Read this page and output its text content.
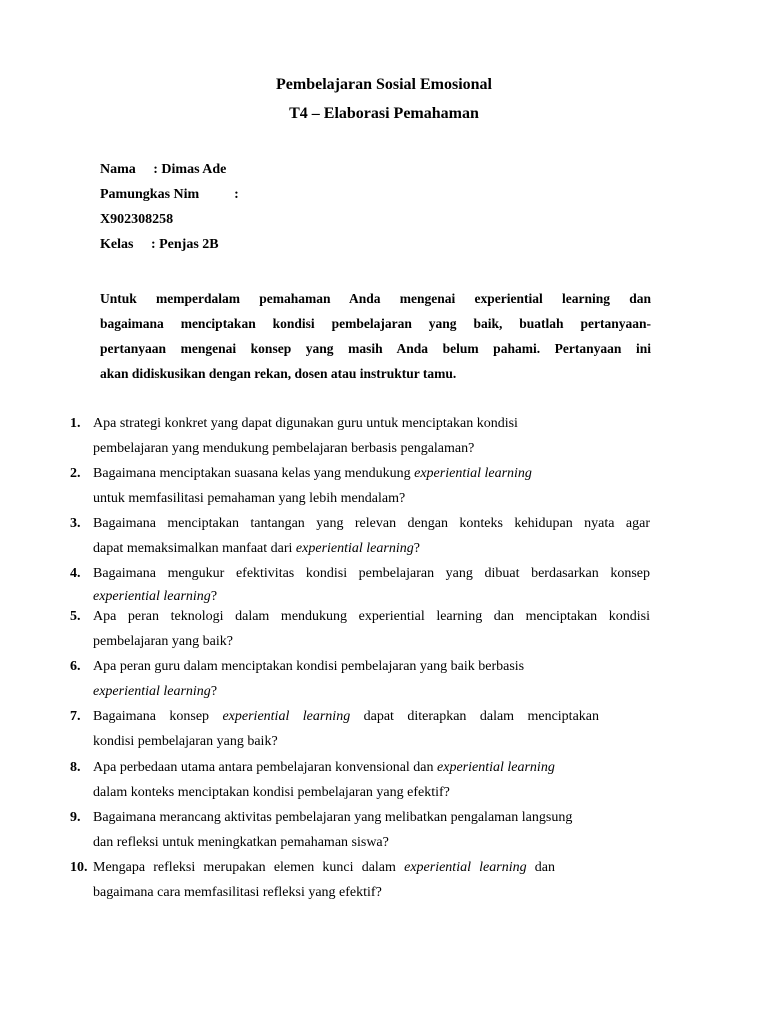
Pembelajaran Sosial Emosional
T4 – Elaborasi Pemahaman
Nama     : Dimas Ade
Pamungkas Nim          :
X902308258
Kelas     : Penjas 2B
Untuk memperdalam pemahaman Anda mengenai experiential learning dan
bagaimana menciptakan kondisi pembelajaran yang baik, buatlah pertanyaan-
pertanyaan mengenai konsep yang masih Anda belum pahami. Pertanyaan ini
akan didiskusikan dengan rekan, dosen atau instruktur tamu.
1. Apa strategi konkret yang dapat digunakan guru untuk menciptakan kondisi
pembelajaran yang mendukung pembelajaran berbasis pengalaman?
2. Bagaimana menciptakan suasana kelas yang mendukung experiential learning
untuk memfasilitasi pemahaman yang lebih mendalam?
3. Bagaimana menciptakan tantangan yang relevan dengan konteks kehidupan nyata agar
dapat memaksimalkan manfaat dari experiential learning?
4. Bagaimana mengukur efektivitas kondisi pembelajaran yang dibuat berdasarkan konsep
experiential learning?
5. Apa peran teknologi dalam mendukung experiential learning dan menciptakan kondisi
pembelajaran yang baik?
6. Apa peran guru dalam menciptakan kondisi pembelajaran yang baik berbasis
experiential learning?
7. Bagaimana konsep experiential learning dapat diterapkan dalam menciptakan
kondisi pembelajaran yang baik?
8. Apa perbedaan utama antara pembelajaran konvensional dan experiential learning
dalam konteks menciptakan kondisi pembelajaran yang efektif?
9. Bagaimana merancang aktivitas pembelajaran yang melibatkan pengalaman langsung
dan refleksi untuk meningkatkan pemahaman siswa?
10. Mengapa refleksi merupakan elemen kunci dalam experiential learning dan
bagaimana cara memfasilitasi refleksi yang efektif?
